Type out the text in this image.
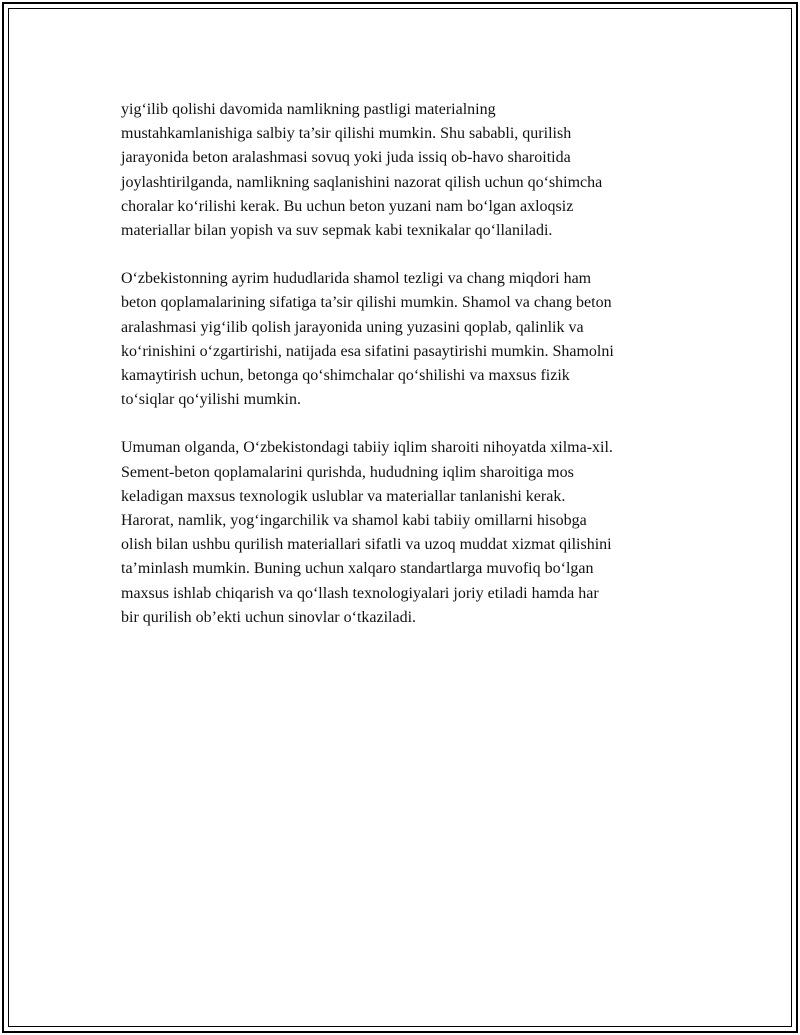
yig‘ilib qolishi davomida namlikning pastligi materialning
mustahkamlanishiga salbiy ta’sir qilishi mumkin. Shu sababli, qurilish
jarayonida beton aralashmasi sovuq yoki juda issiq ob-havo sharoitida
joylashtirilganda, namlikning saqlanishini nazorat qilish uchun qo‘shimcha
choralar ko‘rilishi kerak. Bu uchun beton yuzani nam bo‘lgan axloqsiz
materiallar bilan yopish va suv sepmak kabi texnikalar qo‘llaniladi.

O‘zbekistonning ayrim hududlarida shamol tezligi va chang miqdori ham
beton qoplamalarining sifatiga ta’sir qilishi mumkin. Shamol va chang beton
aralashmasi yig‘ilib qolish jarayonida uning yuzasini qoplab, qalinlik va
ko‘rinishini o‘zgartirishi, natijada esa sifatini pasaytirishi mumkin. Shamolni
kamaytirish uchun, betonga qo‘shimchalar qo‘shilishi va maxsus fizik
to‘siqlar qo‘yilishi mumkin.

Umuman olganda, O‘zbekistondagi tabiiy iqlim sharoiti nihoyatda xilma-xil.
Sement-beton qoplamalarini qurishda, hududning iqlim sharoitiga mos
keladigan maxsus texnologik uslublar va materiallar tanlanishi kerak.
Harorat, namlik, yog‘ingarchilik va shamol kabi tabiiy omillarni hisobga
olish bilan ushbu qurilish materiallari sifatli va uzoq muddat xizmat qilishini
ta’minlash mumkin. Buning uchun xalqaro standartlarga muvofiq bo‘lgan
maxsus ishlab chiqarish va qo‘llash texnologiyalari joriy etiladi hamda har
bir qurilish ob’ekti uchun sinovlar o‘tkaziladi.
